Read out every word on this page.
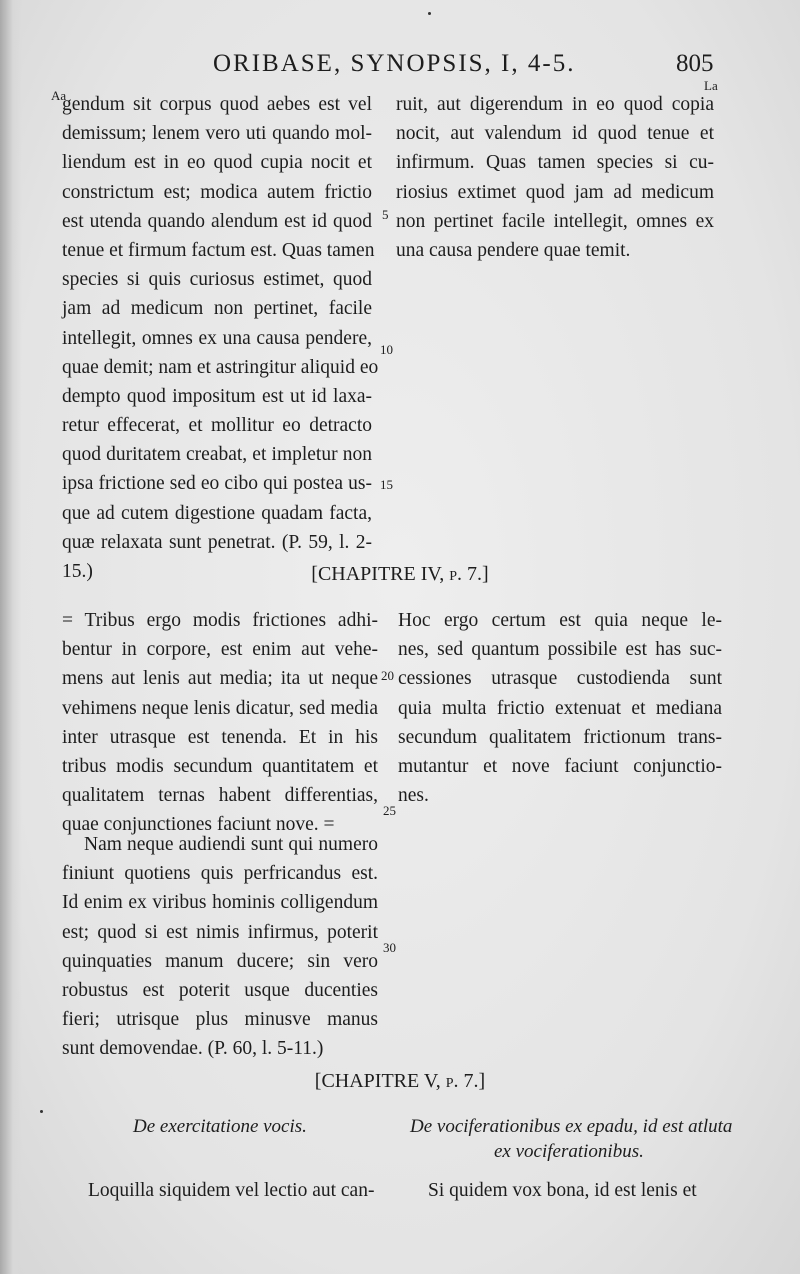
ORIBASE, SYNOPSIS, I, 4-5.	805
Aa
La
gendum sit corpus quod aebes est vel
demissum; lenem vero uti quando mol-
liendum est in eo quod cupia nocit et
constrictum est; modica autem frictio
est utenda quando alendum est id quod
tenue et firmum factum est. Quas tamen
species si quis curiosus estimet, quod
jam ad medicum non pertinet, facile
intellegit, omnes ex una causa pendere,
quae demit; nam et astringitur aliquid eo
dempto quod impositum est ut id laxa-
retur effecerat, et mollitur eo detracto
quod duritatem creabat, et impletur non
ipsa frictione sed eo cibo qui postea us-
que ad cutem digestione quadam facta,
quæ relaxata sunt penetrat. (P. 59, l. 2-
15.)
ruit, aut digerendum in eo quod copia
nocit, aut valendum id quod tenue et
infirmum. Quas tamen species si cu-
riosius extimet quod jam ad medicum
non pertinet facile intellegit, omnes ex
una causa pendere quae temit.
5
10
15
[CHAPITRE IV, p. 7.]
= Tribus ergo modis frictiones adhi-
bentur in corpore, est enim aut vehe-
mens aut lenis aut media; ita ut neque
vehimens neque lenis dicatur, sed media
inter utrasque est tenenda. Et in his
tribus modis secundum quantitatem et
qualitatem ternas habent differentias,
quae conjunctiones faciunt nove. =
Hoc ergo certum est quia neque le-
nes, sed quantum possibile est has suc-
cessiones utrasque custodienda sunt
quia multa frictio extenuat et mediana
secundum qualitatem frictionum trans-
mutantur et nove faciunt conjunctio-
nes.
20
25
Nam neque audiendi sunt qui numero
finiunt quotiens quis perfricandus est.
Id enim ex viribus hominis colligendum
est; quod si est nimis infirmus, poterit
quinquaties manum ducere; sin vero
robustus est poterit usque ducenties
fieri; utrisque plus minusve manus
sunt demovendae. (P. 60, l. 5-11.)
30
[CHAPITRE V, p. 7.]
De exercitatione vocis.	De vociferationibus ex epadu, id est atluta
ex vociferationibus.
Loquilla siquidem vel lectio aut can-	Si quidem vox bona, id est lenis et
